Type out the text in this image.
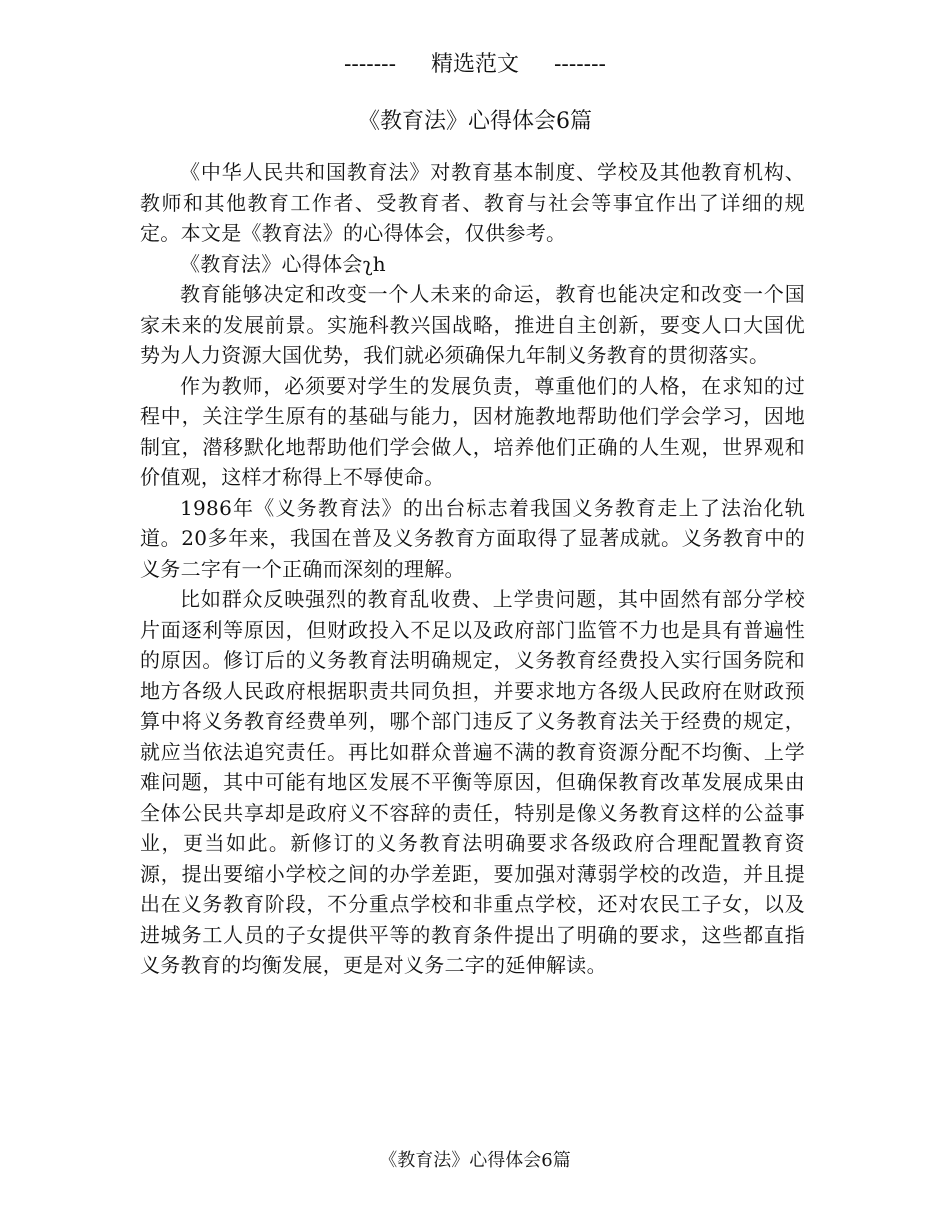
-------     精选范文     -------
《教育法》心得体会6篇

《中华人民共和国教育法》对教育基本制度、学校及其他教育机构、教师和其他教育工作者、受教育者、教育与社会等事宜作出了详细的规定。本文是《教育法》的心得体会，仅供参考。

《教育法》心得体会ʅh

教育能够决定和改变一个人未来的命运，教育也能决定和改变一个国家未来的发展前景。实施科教兴国战略，推进自主创新，要变人口大国优势为人力资源大国优势，我们就必须确保九年制义务教育的贯彻落实。

作为教师，必须要对学生的发展负责，尊重他们的人格，在求知的过程中，关注学生原有的基础与能力，因材施教地帮助他们学会学习，因地制宜，潜移默化地帮助他们学会做人，培养他们正确的人生观，世界观和价值观，这样才称得上不辱使命。

1986年《义务教育法》的出台标志着我国义务教育走上了法治化轨道。20多年来，我国在普及义务教育方面取得了显著成就。义务教育中的义务二字有一个正确而深刻的理解。

比如群众反映强烈的教育乱收费、上学贵问题，其中固然有部分学校片面逐利等原因，但财政投入不足以及政府部门监管不力也是具有普遍性的原因。修订后的义务教育法明确规定，义务教育经费投入实行国务院和地方各级人民政府根据职责共同负担，并要求地方各级人民政府在财政预算中将义务教育经费单列，哪个部门违反了义务教育法关于经费的规定，就应当依法追究责任。再比如群众普遍不满的教育资源分配不均衡、上学难问题，其中可能有地区发展不平衡等原因，但确保教育改革发展成果由全体公民共享却是政府义不容辞的责任，特别是像义务教育这样的公益事业，更当如此。新修订的义务教育法明确要求各级政府合理配置教育资源，提出要缩小学校之间的办学差距，要加强对薄弱学校的改造，并且提出在义务教育阶段，不分重点学校和非重点学校，还对农民工子女，以及进城务工人员的子女提供平等的教育条件提出了明确的要求，这些都直指义务教育的均衡发展，更是对义务二字的延伸解读。

《教育法》心得体会6篇
